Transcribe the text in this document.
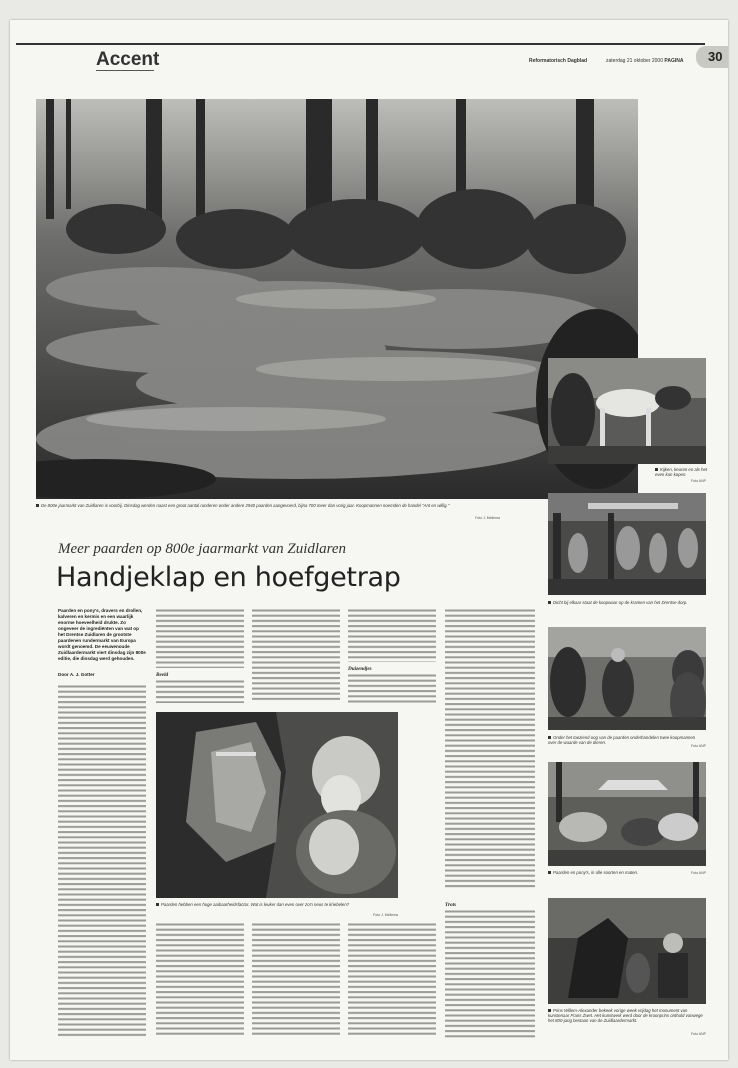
Accent	Reformatorisch Dagblad	zaterdag 21 oktober 2000 PAGINA 30
De 800e jaarmarkt van Zuidlaren is voorbij. Dinsdag werden naast een groot aantal runderen onder andere 2940 paarden aangevoerd, bijna 700 meer dan vorig jaar. Koopmannen noemden de handel "Ant en willig."
Foto J. Mellema
Kijken, keuren en als het even kan kopen.
Foto ANP
Dicht bij elkaar staat de koopwaar op de kramen van het Drentse dorp.
Meer paarden op 800e jaarmarkt van Zuidlaren
Handjeklap en hoefgetrap
Paarden en pony's, dravers en drollen, kalveren en kermis en een waarlijk enorme hoeveelheid drukte. Zo ongeveer de ingrediënten van wat op het Drentse Zuidlaren de grootste paardenen rundermarkt van Europa wordt genoemd. De eeuwenoude Zuidlaardermarkt viert dinsdag zijn 800e editie, die dinsdag werd gehouden.
Door A. J. Gotter	Beeld
Duizendjes
Paarden hebben een hoge aaibaarheidsfactor. Wat is leuker dan even over zo'n neus te kriebelen?
Foto J. Mellema
Trots
Onder het toeziend oog van de paarden onderhandelen twee koopmannen over de waarde van de dieren.
Foto ANP
Paarden en pony's, in alle soorten en maten.	Foto ANP
Prins Willem-Alexander bekeek vorige week vrijdag het monument van kunstenaar Frans Zwet. Het kunstwerk werd door de kroonprins onthuld vanwege het 800-jarig bestaan van de Zuidlaardermarkt.
Foto ANP
